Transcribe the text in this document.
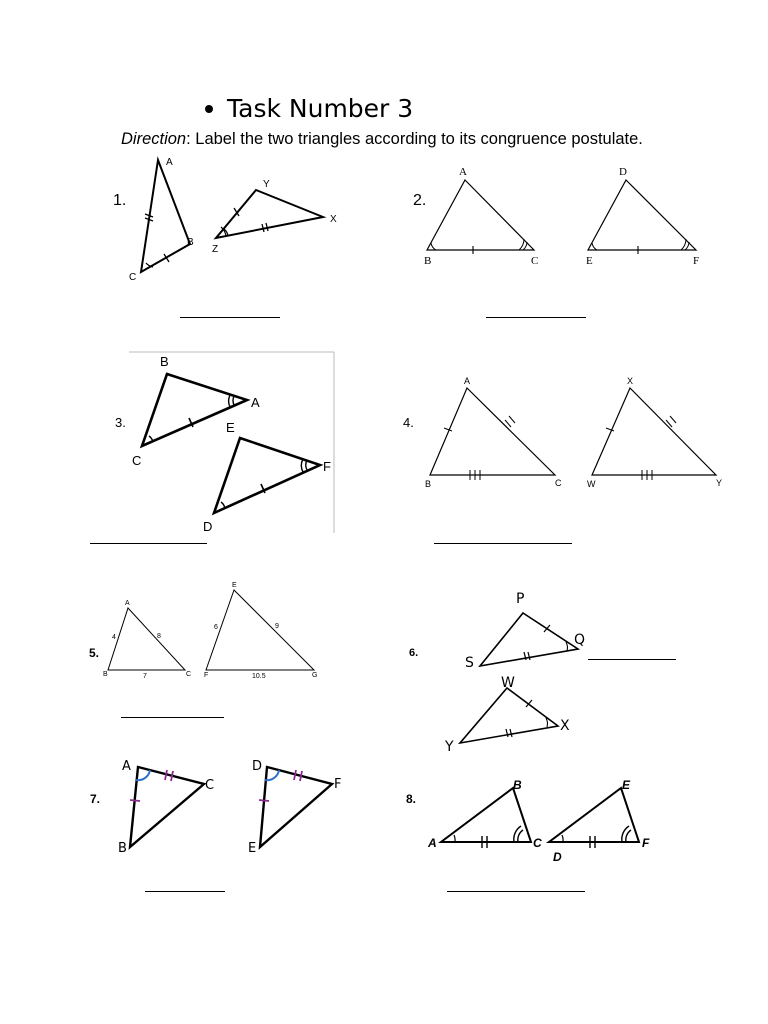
Task Number 3
Direction: Label the two triangles according to its congruence postulate.
1.	2.
3.	4.
5.	6.
7.	8.
A
B
C
Y
X
Z
A
B	C
D
E	F
B
A
C
E
F
D
A
B	C
X
W	Y
A
B	C
4	8
7
E
F	G
6	9
10.5
P
S
Q
W
Y
X
A
C
B
D
F
E
B
A	C
E
D
F
